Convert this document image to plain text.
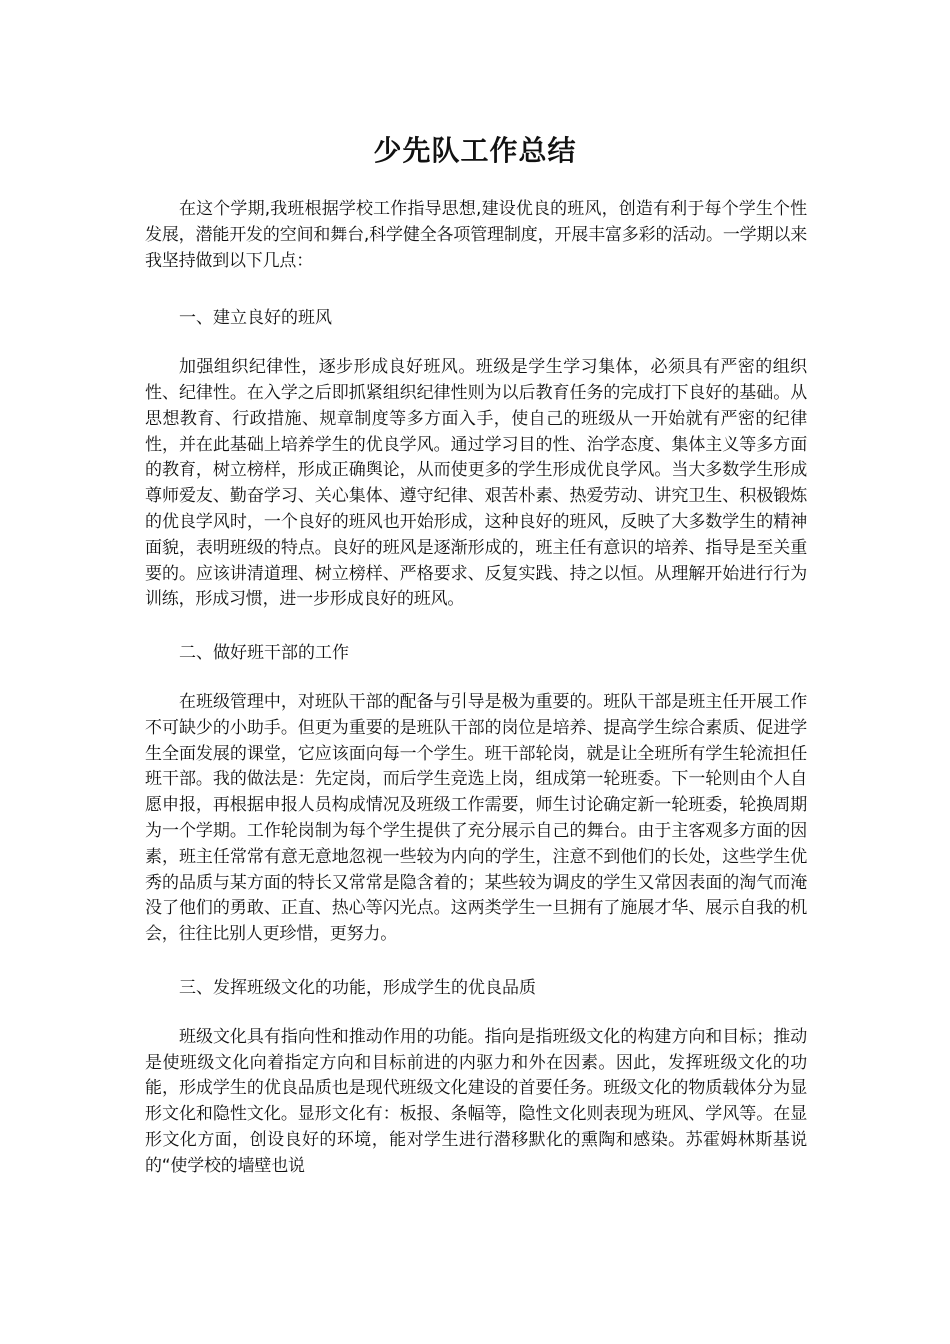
少先队工作总结

在这个学期,我班根据学校工作指导思想,建设优良的班风，创造有利于每个学生个性发展，潜能开发的空间和舞台,科学健全各项管理制度，开展丰富多彩的活动。一学期以来我坚持做到以下几点：

一、建立良好的班风

加强组织纪律性，逐步形成良好班风。班级是学生学习集体，必须具有严密的组织性、纪律性。在入学之后即抓紧组织纪律性则为以后教育任务的完成打下良好的基础。从思想教育、行政措施、规章制度等多方面入手，使自己的班级从一开始就有严密的纪律性，并在此基础上培养学生的优良学风。通过学习目的性、治学态度、集体主义等多方面的教育，树立榜样，形成正确舆论，从而使更多的学生形成优良学风。当大多数学生形成尊师爱友、勤奋学习、关心集体、遵守纪律、艰苦朴素、热爱劳动、讲究卫生、积极锻炼的优良学风时，一个良好的班风也开始形成，这种良好的班风，反映了大多数学生的精神面貌，表明班级的特点。良好的班风是逐渐形成的，班主任有意识的培养、指导是至关重要的。应该讲清道理、树立榜样、严格要求、反复实践、持之以恒。从理解开始进行行为训练，形成习惯，进一步形成良好的班风。

二、做好班干部的工作

在班级管理中，对班队干部的配备与引导是极为重要的。班队干部是班主任开展工作不可缺少的小助手。但更为重要的是班队干部的岗位是培养、提高学生综合素质、促进学生全面发展的课堂，它应该面向每一个学生。班干部轮岗，就是让全班所有学生轮流担任班干部。我的做法是：先定岗，而后学生竞选上岗，组成第一轮班委。下一轮则由个人自愿申报，再根据申报人员构成情况及班级工作需要，师生讨论确定新一轮班委，轮换周期为一个学期。工作轮岗制为每个学生提供了充分展示自己的舞台。由于主客观多方面的因素，班主任常常有意无意地忽视一些较为内向的学生，注意不到他们的长处，这些学生优秀的品质与某方面的特长又常常是隐含着的；某些较为调皮的学生又常因表面的淘气而淹没了他们的勇敢、正直、热心等闪光点。这两类学生一旦拥有了施展才华、展示自我的机会，往往比别人更珍惜，更努力。

三、发挥班级文化的功能，形成学生的优良品质

班级文化具有指向性和推动作用的功能。指向是指班级文化的构建方向和目标；推动是使班级文化向着指定方向和目标前进的内驱力和外在因素。因此，发挥班级文化的功能，形成学生的优良品质也是现代班级文化建设的首要任务。班级文化的物质载体分为显形文化和隐性文化。显形文化有：板报、条幅等，隐性文化则表现为班风、学风等。在显形文化方面，创设良好的环境，能对学生进行潜移默化的熏陶和感染。苏霍姆林斯基说的“使学校的墙壁也说
